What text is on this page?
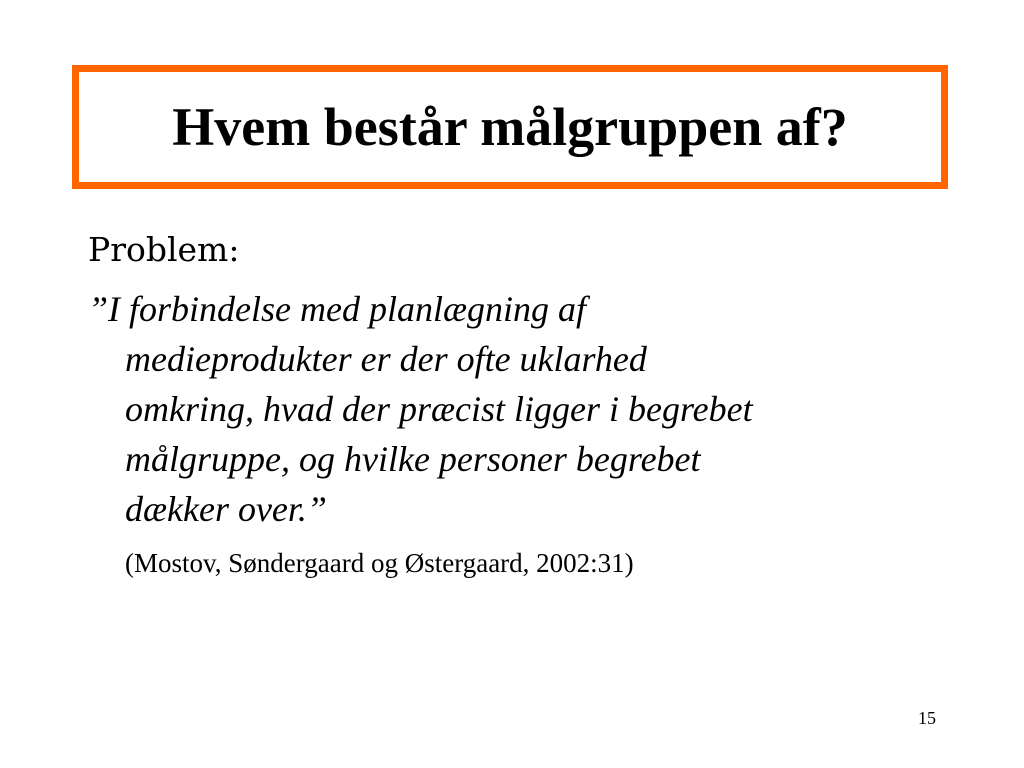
Hvem består målgruppen af?
Problem:
”I forbindelse med planlægning af
medieprodukter er der ofte uklarhed
omkring, hvad der præcist ligger i begrebet
målgruppe, og hvilke personer begrebet
dækker over.”
(Mostov, Søndergaard og Østergaard, 2002:31)
15
